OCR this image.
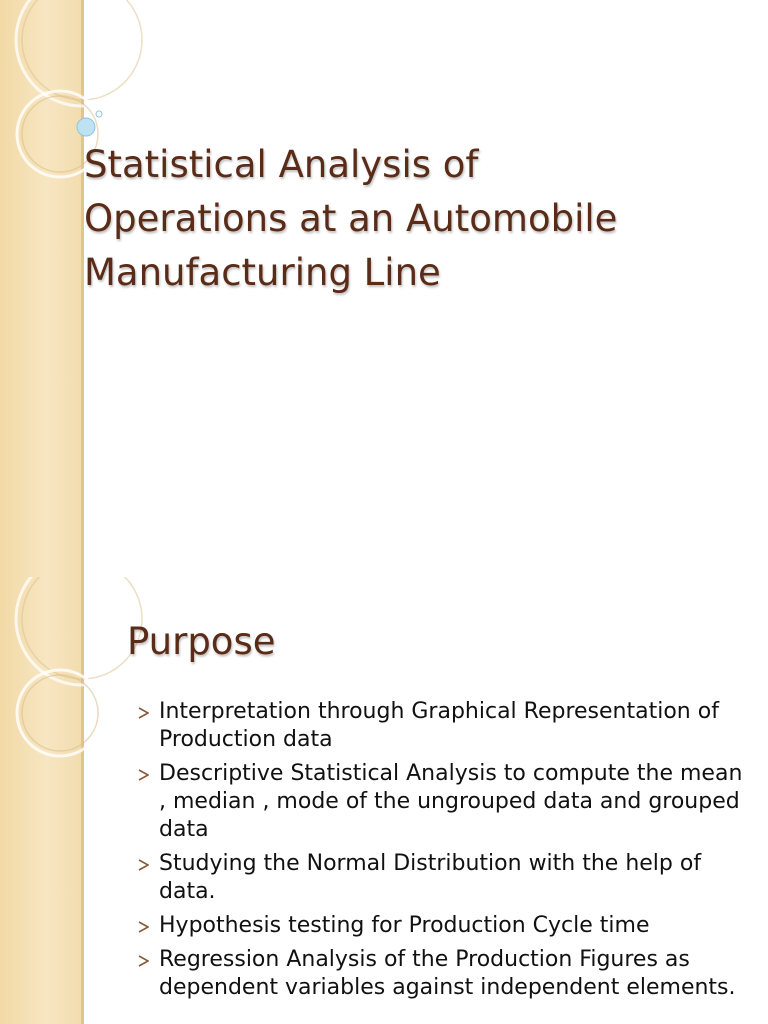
Statistical Analysis of
Operations at an Automobile
Manufacturing Line
Purpose
Interpretation through Graphical Representation of Production data
Descriptive Statistical Analysis to compute the mean , median , mode of the ungrouped data and grouped data
Studying the Normal Distribution with the help of data.
Hypothesis testing for Production Cycle time
Regression Analysis of the Production Figures as dependent variables against independent elements.
